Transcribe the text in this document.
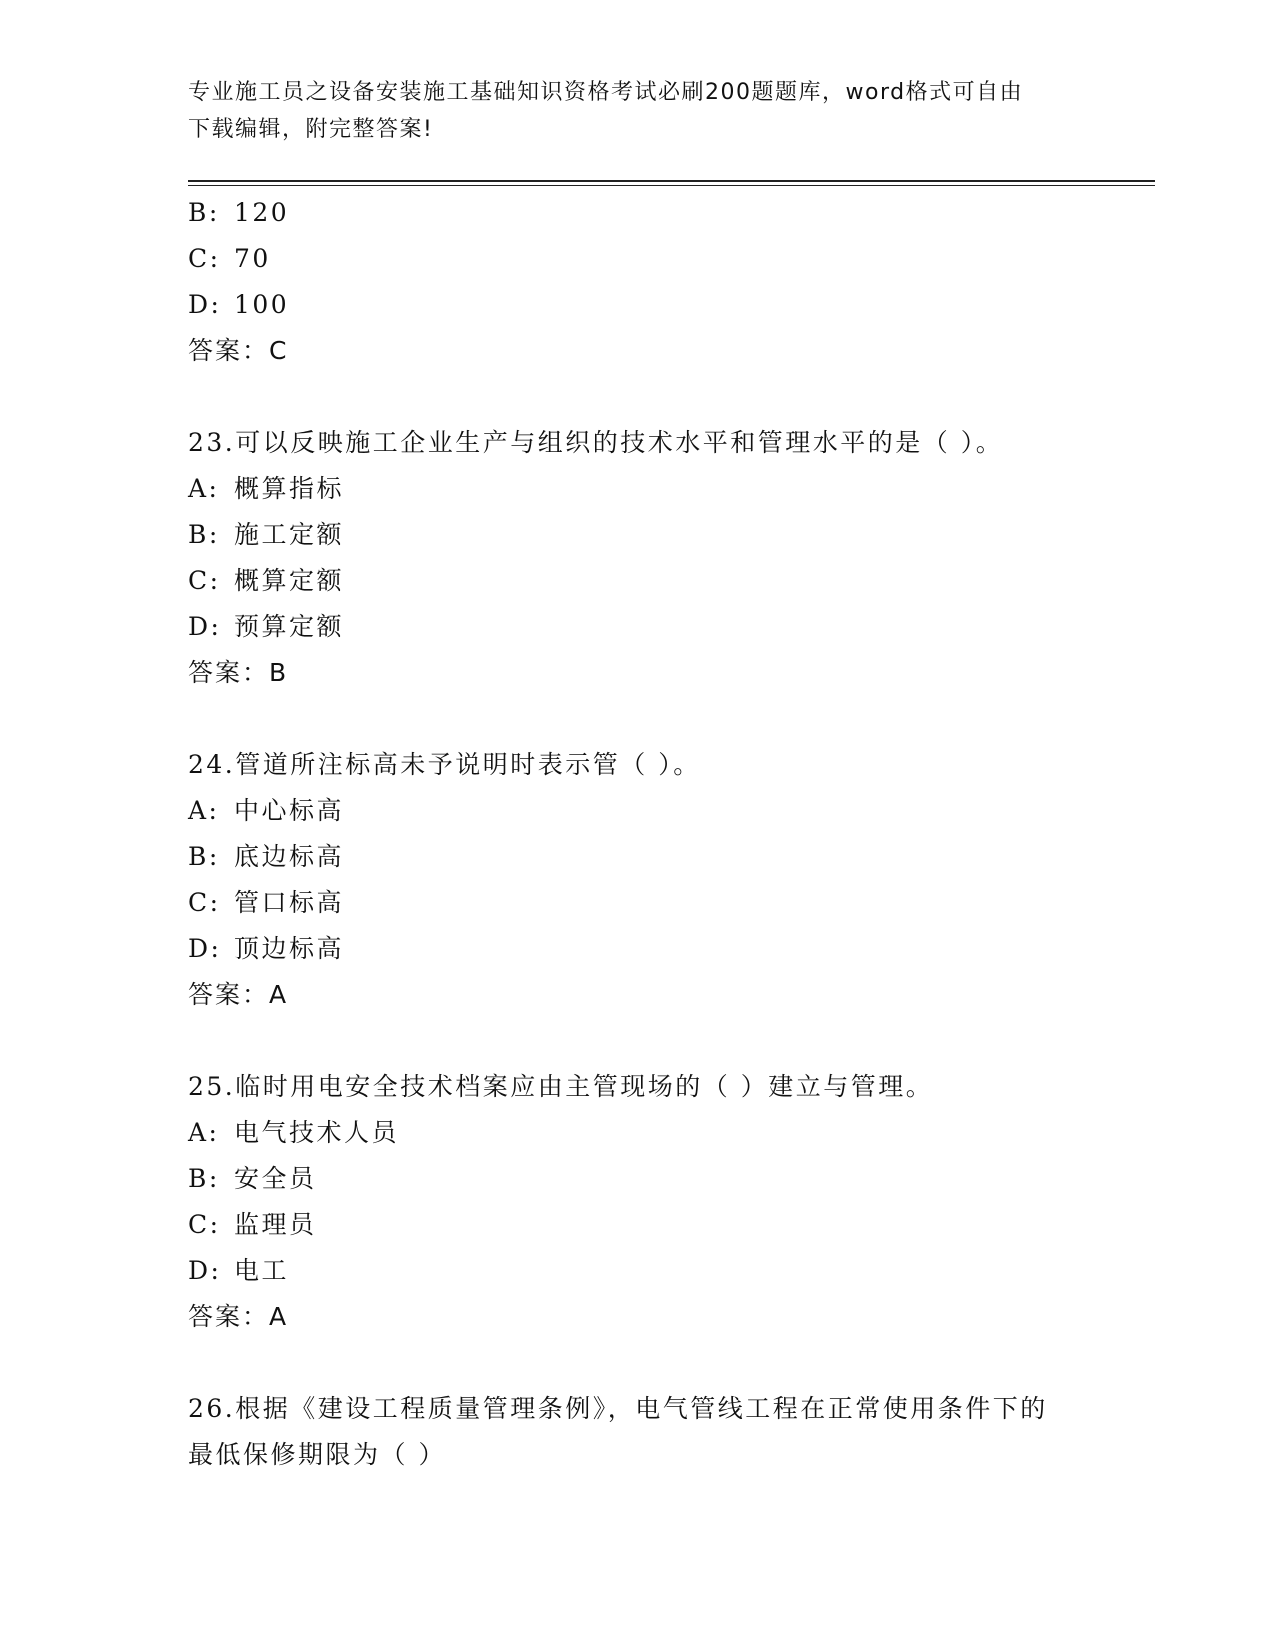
专业施工员之设备安装施工基础知识资格考试必刷200题题库，word格式可自由
下载编辑，附完整答案!
B: 120
C: 70
D: 100
答案：C
23.可以反映施工企业生产与组织的技术水平和管理水平的是（ ）。
A: 概算指标
B: 施工定额
C: 概算定额
D: 预算定额
答案：B
24.管道所注标高未予说明时表示管（ ）。
A: 中心标高
B: 底边标高
C: 管口标高
D: 顶边标高
答案：A
25.临时用电安全技术档案应由主管现场的（ ）建立与管理。
A: 电气技术人员
B: 安全员
C: 监理员
D: 电工
答案：A
26.根据《建设工程质量管理条例》，电气管线工程在正常使用条件下的最低保修期限为（ ）
